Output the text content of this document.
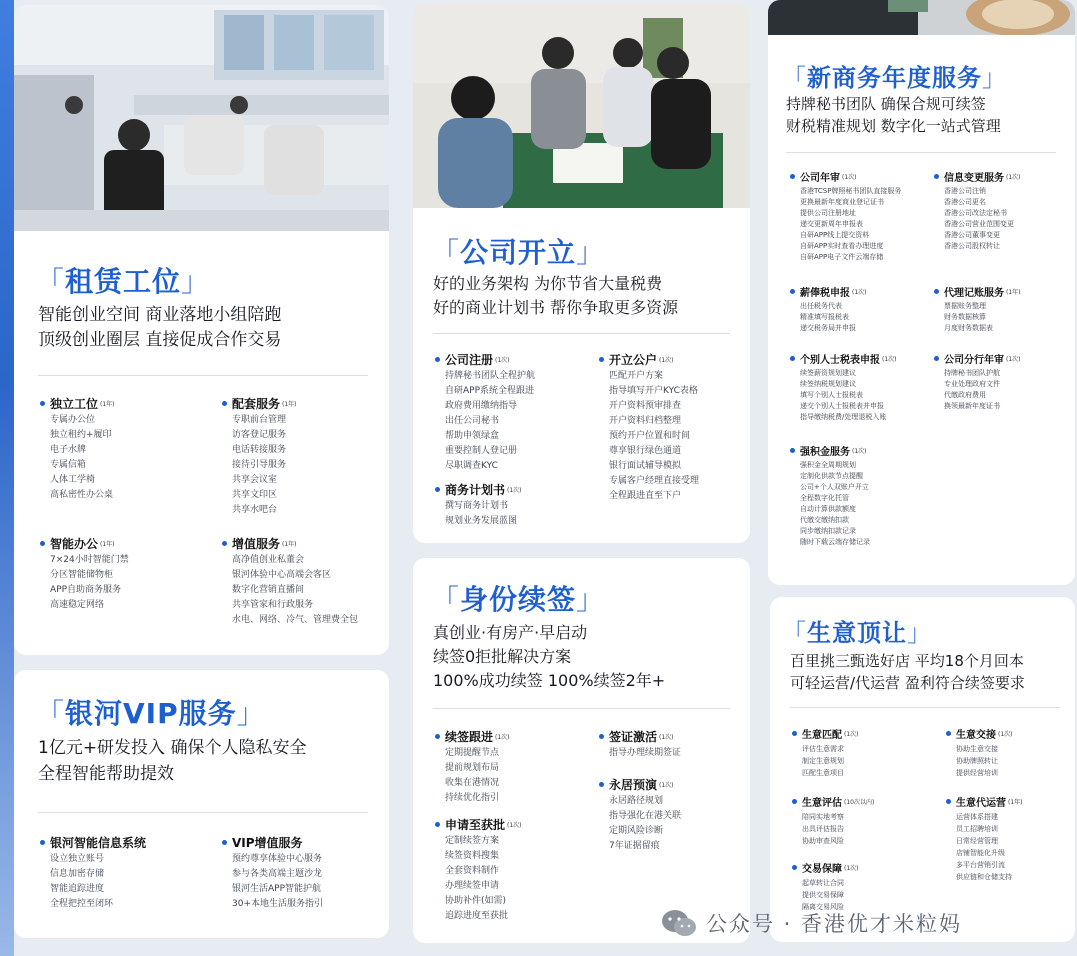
「租赁工位」
智能创业空间 商业落地小组陪跑
顶级创业圈层 直接促成合作交易
独立工位 (1年)
专属办公位
独立租约+履印
电子水牌
专属信箱
人体工学椅
高私密性办公桌
配套服务 (1年)
专职前台管理
访客登记服务
电话转接服务
接待引导服务
共享会议室
共享文印区
共享水吧台
智能办公 (1年)
7×24小时智能门禁
分区智能储物柜
APP自助商务服务
高速稳定网络
增值服务 (1年)
高净值创业私董会
银河体验中心高端会客区
数字化营销直播间
共享管家和行政服务
水电、网络、冷气、管理费全包
「银河VIP服务」
1亿元+研发投入 确保个人隐私安全
全程智能帮助提效
银河智能信息系统
设立独立账号
信息加密存储
智能追踪进度
全程把控至闭环
VIP增值服务
预约尊享体验中心服务
参与各类高端主题沙龙
银河生活APP智能护航
30+本地生活服务指引
「公司开立」
好的业务架构 为你节省大量税费
好的商业计划书 帮你争取更多资源
公司注册 (1次)
持牌秘书团队全程护航
自研APP系统全程跟进
政府费用缴纳指导
出任公司秘书
帮助申领绿盒
重要控制人登记册
尽职调查KYC
开立公户 (1次)
匹配开户方案
指导填写开户KYC表格
开户资料预审排查
开户资料归档整理
预约开户位置和时间
尊享银行绿色通道
银行面试辅导模拟
专属客户经理直接受理
全程跟进直至下户
商务计划书 (1次)
撰写商务计划书
规划业务发展蓝图
「身份续签」
真创业·有房产·早启动
续签0拒批解决方案
100%成功续签 100%续签2年+
续签跟进 (1次)
定期提醒节点
提前规划布局
收集在港情况
持续优化指引
签证激活 (1次)
指导办理续期签证
申请至获批 (1次)
定制续签方案
续签资料搜集
全套资料制作
办理续签申请
协助补件(如需)
追踪进度至获批
永居预演 (1次)
永居路径规划
指导强化在港关联
定期风险诊断
7年证据留痕
「新商务年度服务」
持牌秘书团队 确保合规可续签
财税精准规划 数字化一站式管理
公司年审 (1次)
香港TCSP牌照秘书团队直接服务
更换最新年度商业登记证书
提供公司注册地址
递交更新周年申报表
自研APP线上提交资料
自研APP实时查看办理进度
自研APP电子文件云端存储
信息变更服务 (1次)
香港公司注销
香港公司更名
香港公司改法定秘书
香港公司营业范围变更
香港公司董事变更
香港公司股权转让
薪俸税申报 (1次)
出任税务代表
精准填写报税表
递交税务局并申报
代理记账服务 (1年)
票据账务整理
财务数据核算
月度财务数据表
个别人士税表申报 (1次)
续签薪资规划建议
续签纳税规划建议
填写个别人士报税表
递交个别人士报税表并申报
指导缴纳税费/处理退税入账
公司分行年审 (1次)
持牌秘书团队护航
专业处理政府文件
代缴政府费用
换领最新年度证书
强积金服务 (1次)
强积金全周期规划
定制化供款节点提醒
公司+个人双账户开立
全程数字化托管
自动计算供款额度
代缴交缴纳扣款
同步缴纳扣款记录
随时下载云端存储记录
「生意顶让」
百里挑三甄选好店 平均18个月回本
可轻运营/代运营 盈利符合续签要求
生意匹配 (1次)
评估生意需求
制定生意规划
匹配生意项目
生意交接 (1次)
协助生意交接
协助牌照转让
提供经营培训
生意评估 (10次以内)
陪同实地考察
出具评估报告
协助审查风险
生意代运营 (1年)
运营体系搭建
员工招聘培训
日常经营管理
店铺智能化升级
多平台营销引流
供应链和仓储支持
交易保障 (1次)
起草转让合同
提供交易保障
隔离交易风险
公众号 · 香港优才米粒妈
